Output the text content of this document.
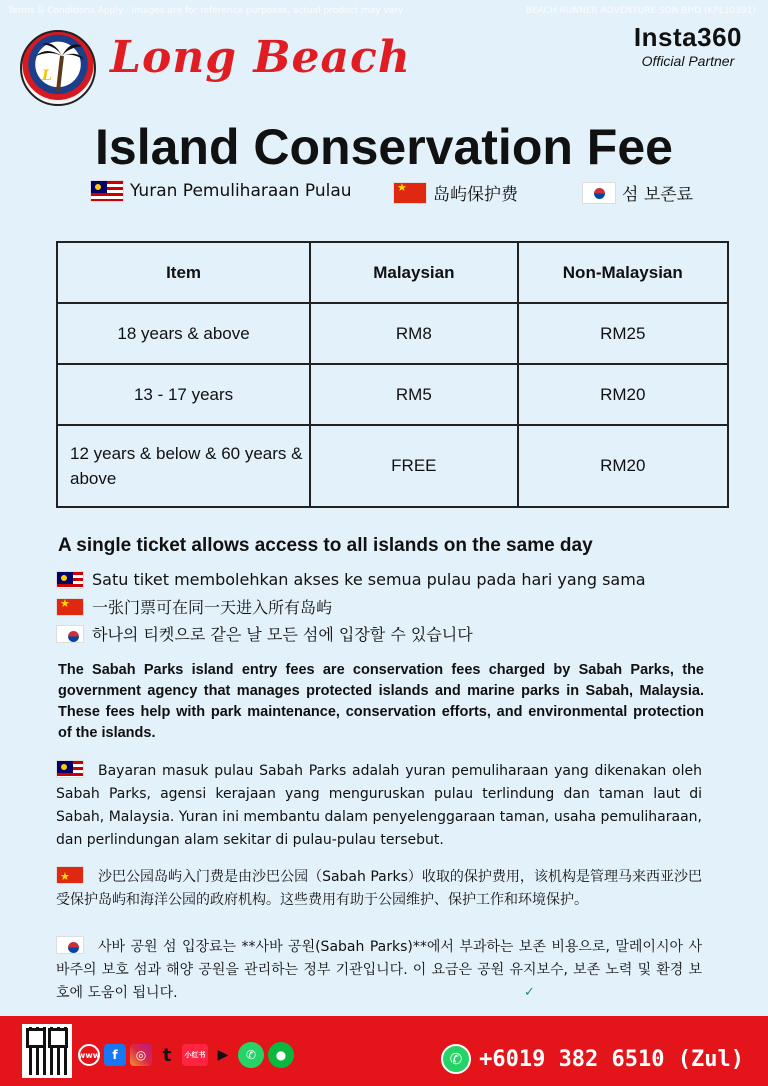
Terms & Conditions Apply · Images are for reference purposes, actual product may vary	BEACH RUNNER ADVENTURE SDN BHD (KPL10391)
L Long Beach	Insta360
Official Partner
Island Conservation Fee
Yuran Pemuliharaan Pulau ★	岛屿保护费	섬 보존료
Item	Malaysian	Non-Malaysian
18 years & above	RM8	RM25
13 - 17 years	RM5	RM20
12 years & below & 60 years & above	FREE	RM20
A single ticket allows access to all islands on the same day
Satu tiket membolehkan akses ke semua pulau pada hari yang sama
★
一张门票可在同一天进入所有岛屿
하나의 티켓으로 같은 날 모든 섬에 입장할 수 있습니다

The Sabah Parks island entry fees are conservation fees charged by Sabah Parks, the government agency that manages protected islands and marine parks in Sabah, Malaysia. These fees help with park maintenance, conservation efforts, and environmental protection of the islands.

Bayaran masuk pulau Sabah Parks adalah yuran pemuliharaan yang dikenakan oleh Sabah Parks, agensi kerajaan yang menguruskan pulau terlindung dan taman laut di Sabah, Malaysia. Yuran ini membantu dalam penyelenggaraan taman, usaha pemuliharaan, dan perlindungan alam sekitar di pulau-pulau tersebut.

★沙巴公园岛屿入门费是由沙巴公园（Sabah Parks）收取的保护费用，该机构是管理马来西亚沙巴受保护岛屿和海洋公园的政府机构。这些费用有助于公园维护、保护工作和环境保护。

사바 공원 섬 입장료는 **사바 공원(Sabah Parks)**에서 부과하는 보존 비용으로, 말레이시아 사바주의 보호 섬과 해양 공원을 관리하는 정부 기관입니다. 이 요금은 공원 유지보수, 보존 노력 및 환경 보호에 도움이 됩니다.	✓
www	f	◎ t	小红书 ▶	✆	●	✆ +6019 382 6510 (Zul)
